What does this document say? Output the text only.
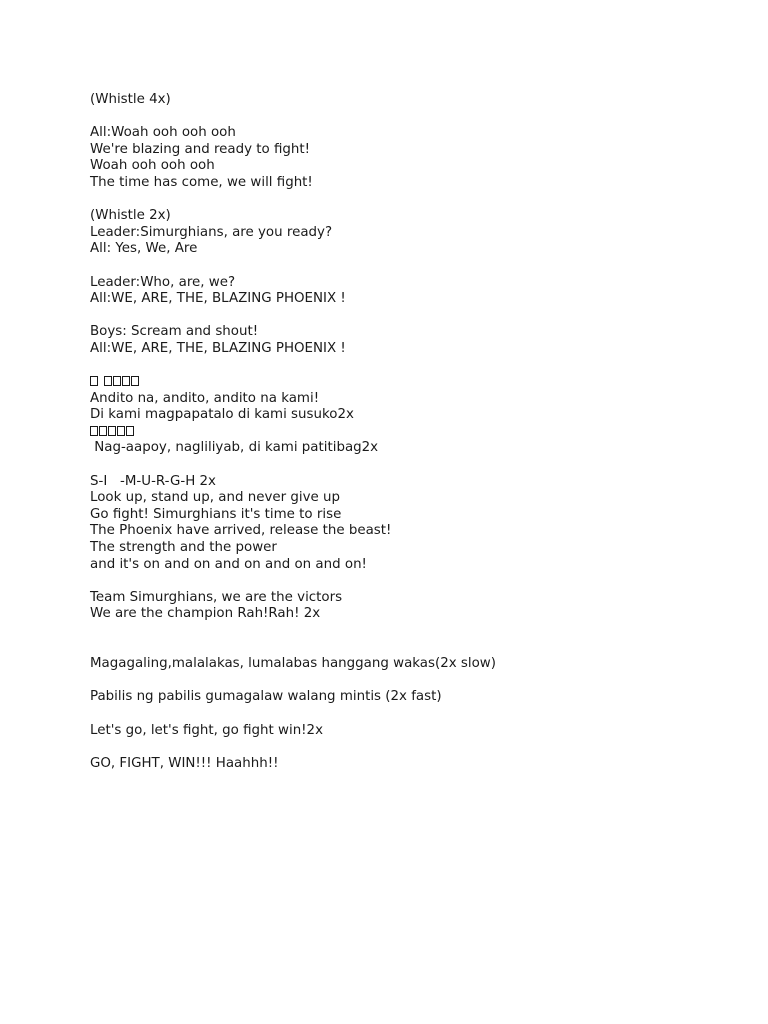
(Whistle 4x)
All:Woah ooh ooh ooh
We're blazing and ready to fight!
Woah ooh ooh ooh
The time has come, we will fight!
(Whistle 2x)
Leader:Simurghians, are you ready?
All: Yes, We, Are
Leader:Who, are, we?
All:WE, ARE, THE, BLAZING PHOENIX !
Boys: Scream and shout!
All:WE, ARE, THE, BLAZING PHOENIX !
Andito na, andito, andito na kami!
Di kami magpapatalo di kami susuko2x
Nag-aapoy, nagliliyab, di kami patitibag2x
S-I   -M-U-R-G-H 2x
Look up, stand up, and never give up
Go fight! Simurghians it's time to rise
The Phoenix have arrived, release the beast!
The strength and the power
and it's on and on and on and on and on!
Team Simurghians, we are the victors
We are the champion Rah!Rah! 2x
Magagaling,malalakas, lumalabas hanggang wakas(2x slow)
Pabilis ng pabilis gumagalaw walang mintis (2x fast)
Let's go, let's fight, go fight win!2x
GO, FIGHT, WIN!!! Haahhh!!
